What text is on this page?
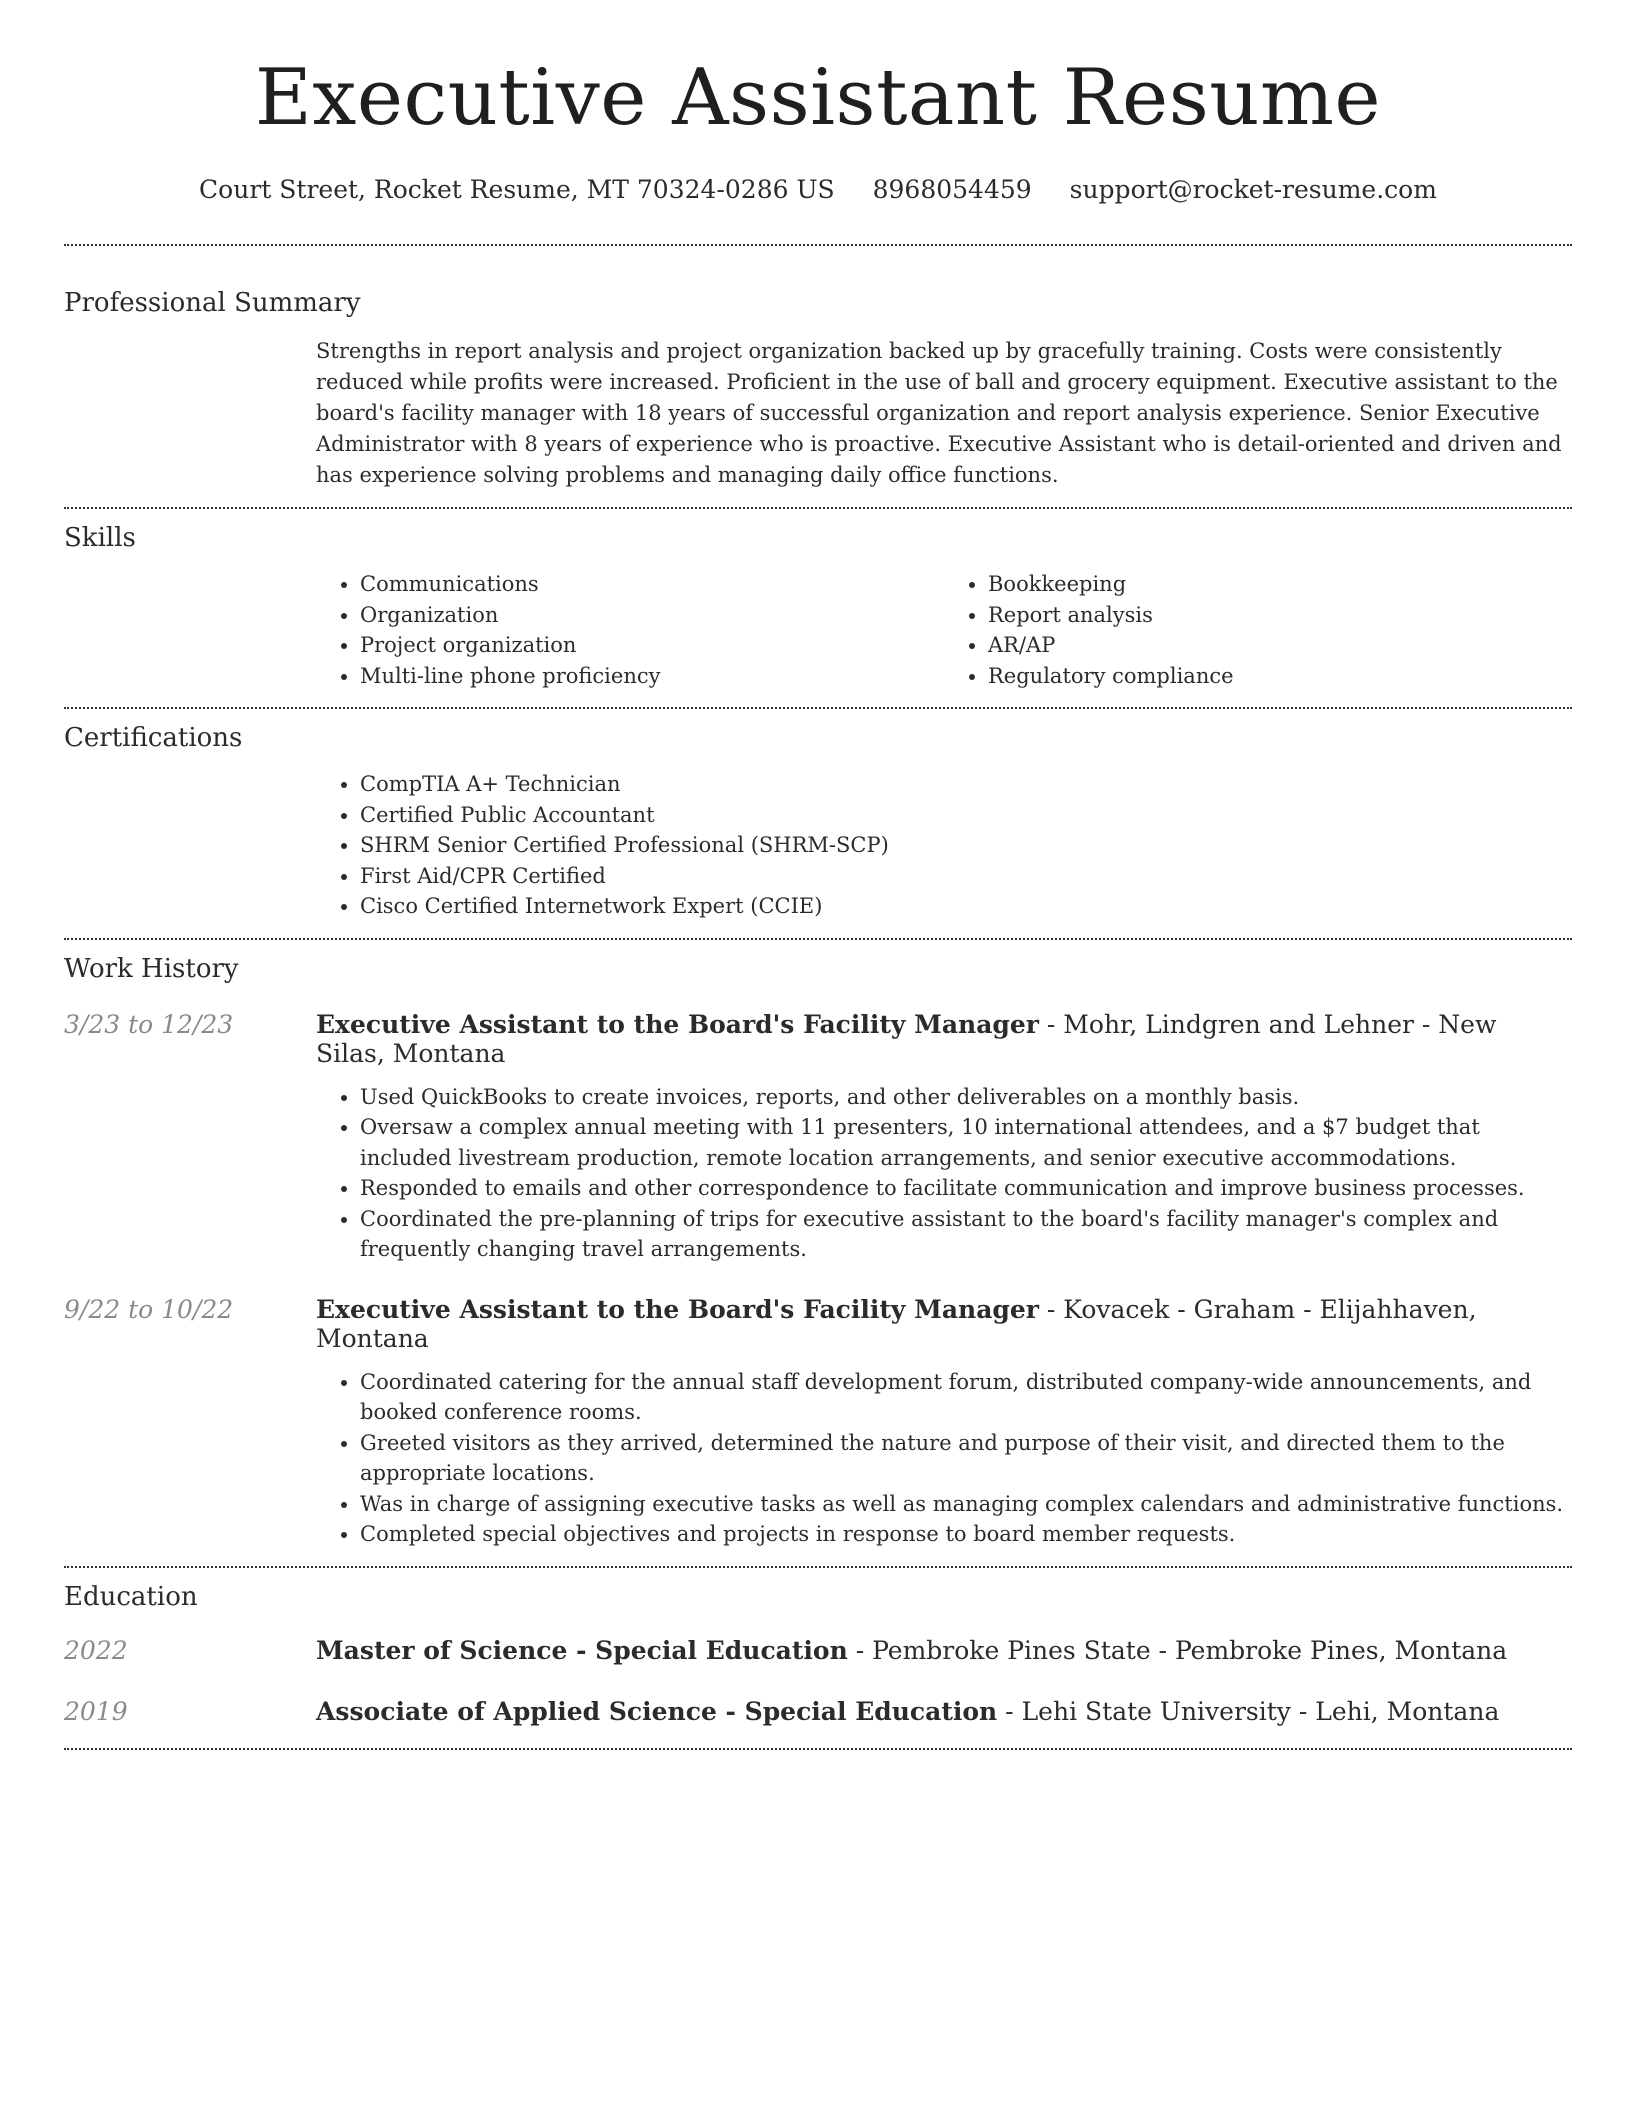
Executive Assistant Resume
Court Street, Rocket Resume, MT 70324-0286 US 8968054459 support@rocket-resume.com
Professional Summary
Strengths in report analysis and project organization backed up by gracefully training. Costs were consistently reduced while profits were increased. Proficient in the use of ball and grocery equipment. Executive assistant to the board's facility manager with 18 years of successful organization and report analysis experience. Senior Executive Administrator with 8 years of experience who is proactive. Executive Assistant who is detail-oriented and driven and has experience solving problems and managing daily office functions.
Skills
• Communications
• Organization
• Project organization
• Multi-line phone proficiency
• Bookkeeping
• Report analysis
• AR/AP
• Regulatory compliance
Certifications
• CompTIA A+ Technician
• Certified Public Accountant
• SHRM Senior Certified Professional (SHRM-SCP)
• First Aid/CPR Certified
• Cisco Certified Internetwork Expert (CCIE)
Work History
3/23 to 12/23	Executive Assistant to the Board's Facility Manager - Mohr, Lindgren and Lehner - New Silas, Montana
• Used QuickBooks to create invoices, reports, and other deliverables on a monthly basis.
• Oversaw a complex annual meeting with 11 presenters, 10 international attendees, and a $7 budget that included livestream production, remote location arrangements, and senior executive accommodations.
• Responded to emails and other correspondence to facilitate communication and improve business processes.
• Coordinated the pre-planning of trips for executive assistant to the board's facility manager's complex and frequently changing travel arrangements.
9/22 to 10/22	Executive Assistant to the Board's Facility Manager - Kovacek - Graham - Elijahhaven, Montana
• Coordinated catering for the annual staff development forum, distributed company-wide announcements, and booked conference rooms.
• Greeted visitors as they arrived, determined the nature and purpose of their visit, and directed them to the appropriate locations.
• Was in charge of assigning executive tasks as well as managing complex calendars and administrative functions.
• Completed special objectives and projects in response to board member requests.
Education
2022	Master of Science - Special Education - Pembroke Pines State - Pembroke Pines, Montana
2019	Associate of Applied Science - Special Education - Lehi State University - Lehi, Montana
